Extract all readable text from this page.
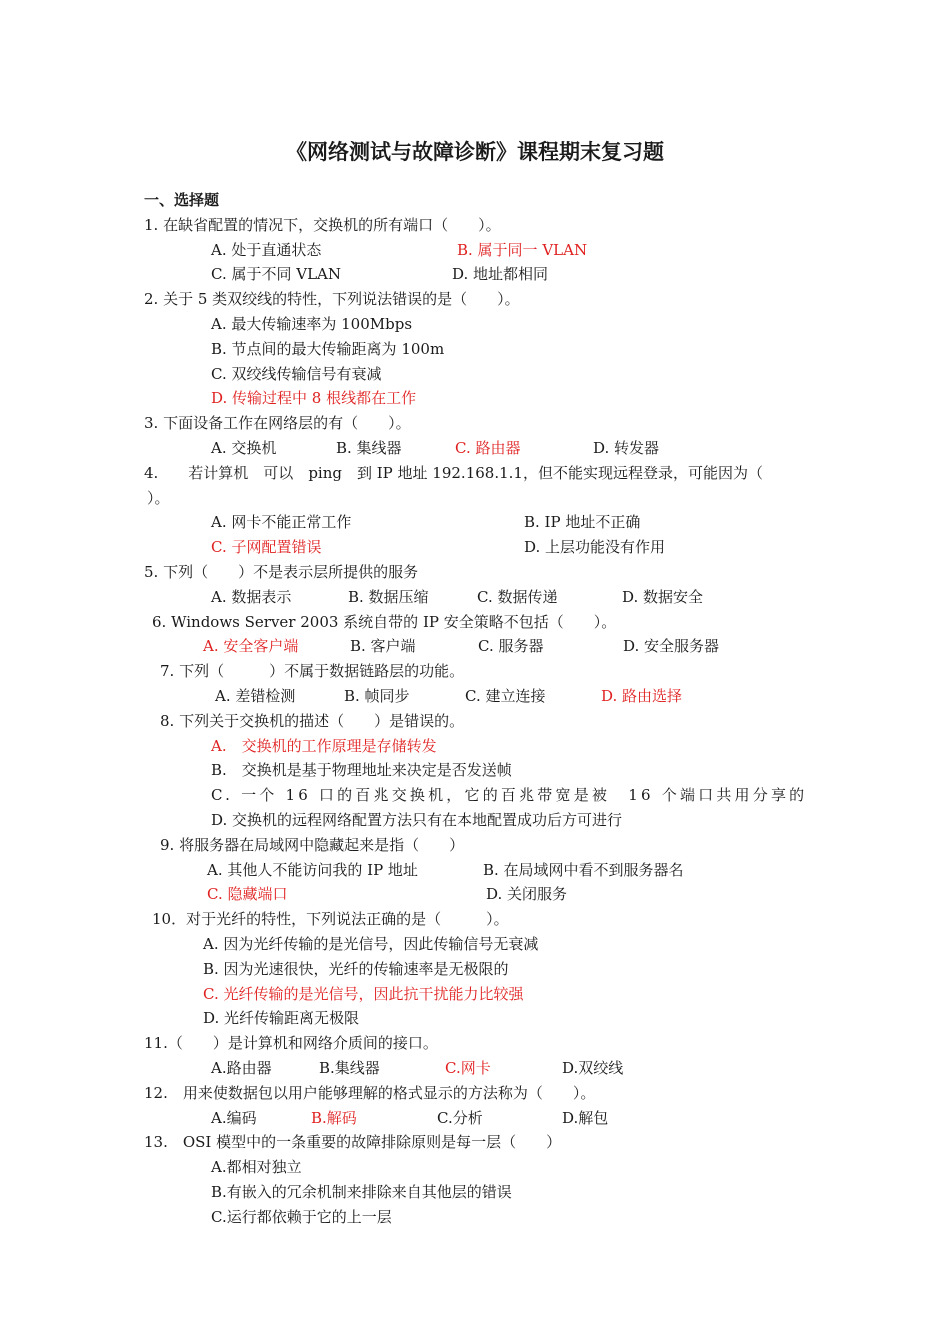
《网络测试与故障诊断》课程期末复习题
一、选择题
1. 在缺省配置的情况下，交换机的所有端口（　　）。
A. 处于直通状态	B. 属于同一 VLAN
C. 属于不同 VLAN	D. 地址都相同
2. 关于 5 类双绞线的特性，下列说法错误的是（　　）。
A. 最大传输速率为 100Mbps
B. 节点间的最大传输距离为 100m
C. 双绞线传输信号有衰减
D. 传输过程中 8 根线都在工作
3. 下面设备工作在网络层的有（　　）。
A. 交换机	B. 集线器	C. 路由器	D. 转发器
4.　　若计算机　可以　ping　到 IP 地址 192.168.1.1，但不能实现远程登录，可能因为（
）。
A. 网卡不能正常工作	B. IP 地址不正确
C. 子网配置错误	D. 上层功能没有作用
5. 下列（　　）不是表示层所提供的服务
A. 数据表示	B. 数据压缩	C. 数据传递	D. 数据安全
6. Windows Server 2003 系统自带的 IP 安全策略不包括（　　）。
A. 安全客户端	B. 客户端	C. 服务器	D. 安全服务器
7. 下列（　　　）不属于数据链路层的功能。
A. 差错检测	B. 帧同步	C. 建立连接	D. 路由选择
8. 下列关于交换机的描述（　　）是错误的。
A.　交换机的工作原理是存储转发
B.　交换机是基于物理地址来决定是否发送帧
C. 一个 16 口的百兆交换机，它的百兆带宽是被　16 个端口共用分享的
D. 交换机的远程网络配置方法只有在本地配置成功后方可进行
9. 将服务器在局域网中隐藏起来是指（　　）
A. 其他人不能访问我的 IP 地址	B. 在局域网中看不到服务器名
C. 隐藏端口	D. 关闭服务
10．对于光纤的特性，下列说法正确的是（　　　）。
A. 因为光纤传输的是光信号，因此传输信号无衰减
B. 因为光速很快，光纤的传输速率是无极限的
C. 光纤传输的是光信号，因此抗干扰能力比较强
D. 光纤传输距离无极限
11.（　　）是计算机和网络介质间的接口。
A.路由器	B.集线器	C.网卡	D.双绞线
12.　用来使数据包以用户能够理解的格式显示的方法称为（　　）。
A.编码	B.解码	C.分析	D.解包
13.　OSI 模型中的一条重要的故障排除原则是每一层（　　）
A.都相对独立
B.有嵌入的冗余机制来排除来自其他层的错误
C.运行都依赖于它的上一层
